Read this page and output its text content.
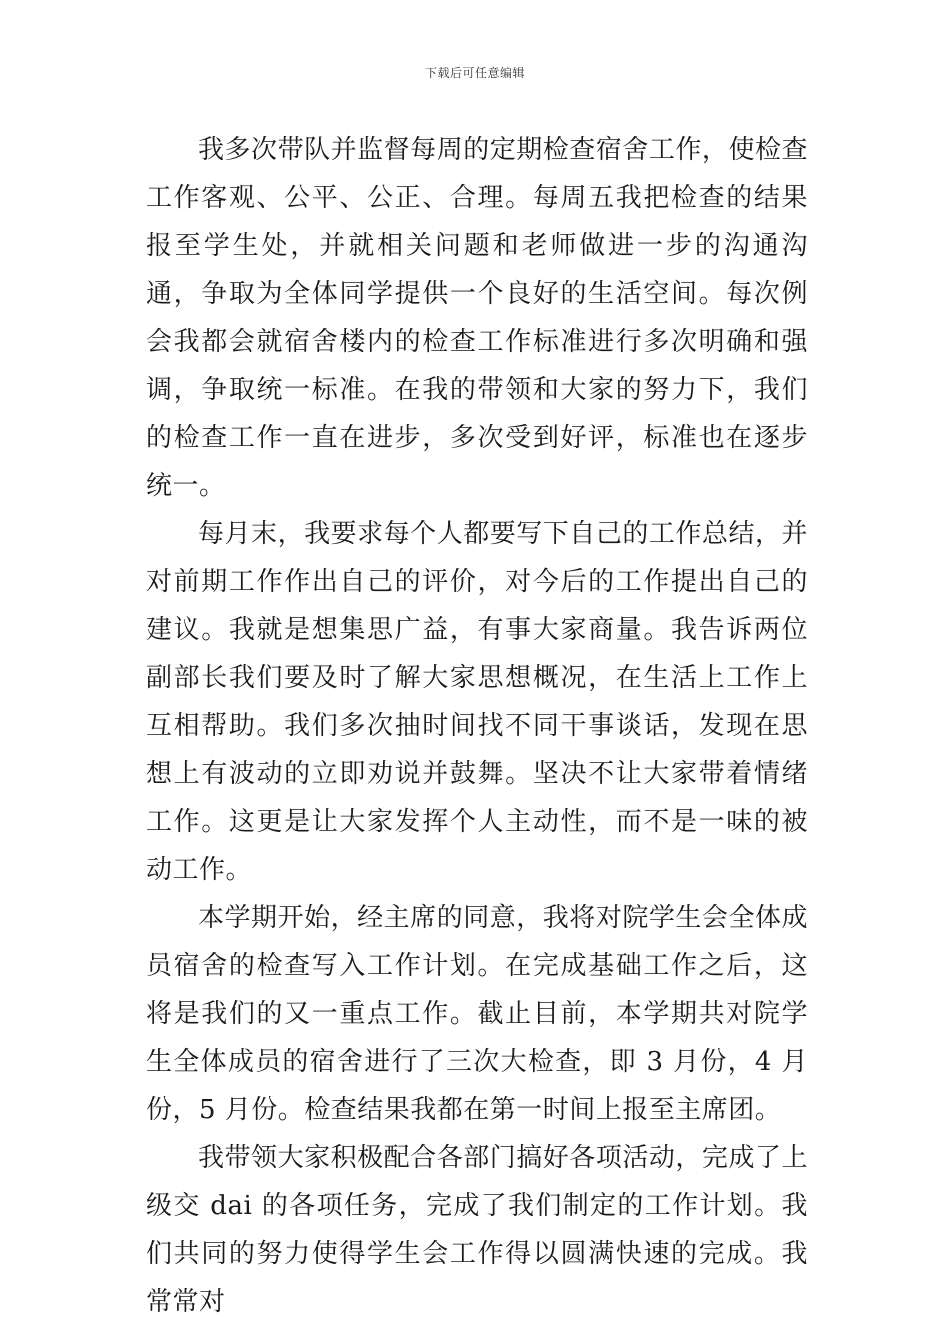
下载后可任意编辑

我多次带队并监督每周的定期检查宿舍工作，使检查工作客观、公平、公正、合理。每周五我把检查的结果报至学生处，并就相关问题和老师做进一步的沟通沟通，争取为全体同学提供一个良好的生活空间。每次例会我都会就宿舍楼内的检查工作标准进行多次明确和强调，争取统一标准。在我的带领和大家的努力下，我们的检查工作一直在进步，多次受到好评，标准也在逐步统一。

每月末，我要求每个人都要写下自己的工作总结，并对前期工作作出自己的评价，对今后的工作提出自己的建议。我就是想集思广益，有事大家商量。我告诉两位副部长我们要及时了解大家思想概况，在生活上工作上互相帮助。我们多次抽时间找不同干事谈话，发现在思想上有波动的立即劝说并鼓舞。坚决不让大家带着情绪工作。这更是让大家发挥个人主动性，而不是一味的被动工作。

本学期开始，经主席的同意，我将对院学生会全体成员宿舍的检查写入工作计划。在完成基础工作之后，这将是我们的又一重点工作。截止目前，本学期共对院学生全体成员的宿舍进行了三次大检查，即 3 月份，4 月份，5 月份。检查结果我都在第一时间上报至主席团。

我带领大家积极配合各部门搞好各项活动，完成了上级交 dai 的各项任务，完成了我们制定的工作计划。我们共同的努力使得学生会工作得以圆满快速的完成。我常常对
